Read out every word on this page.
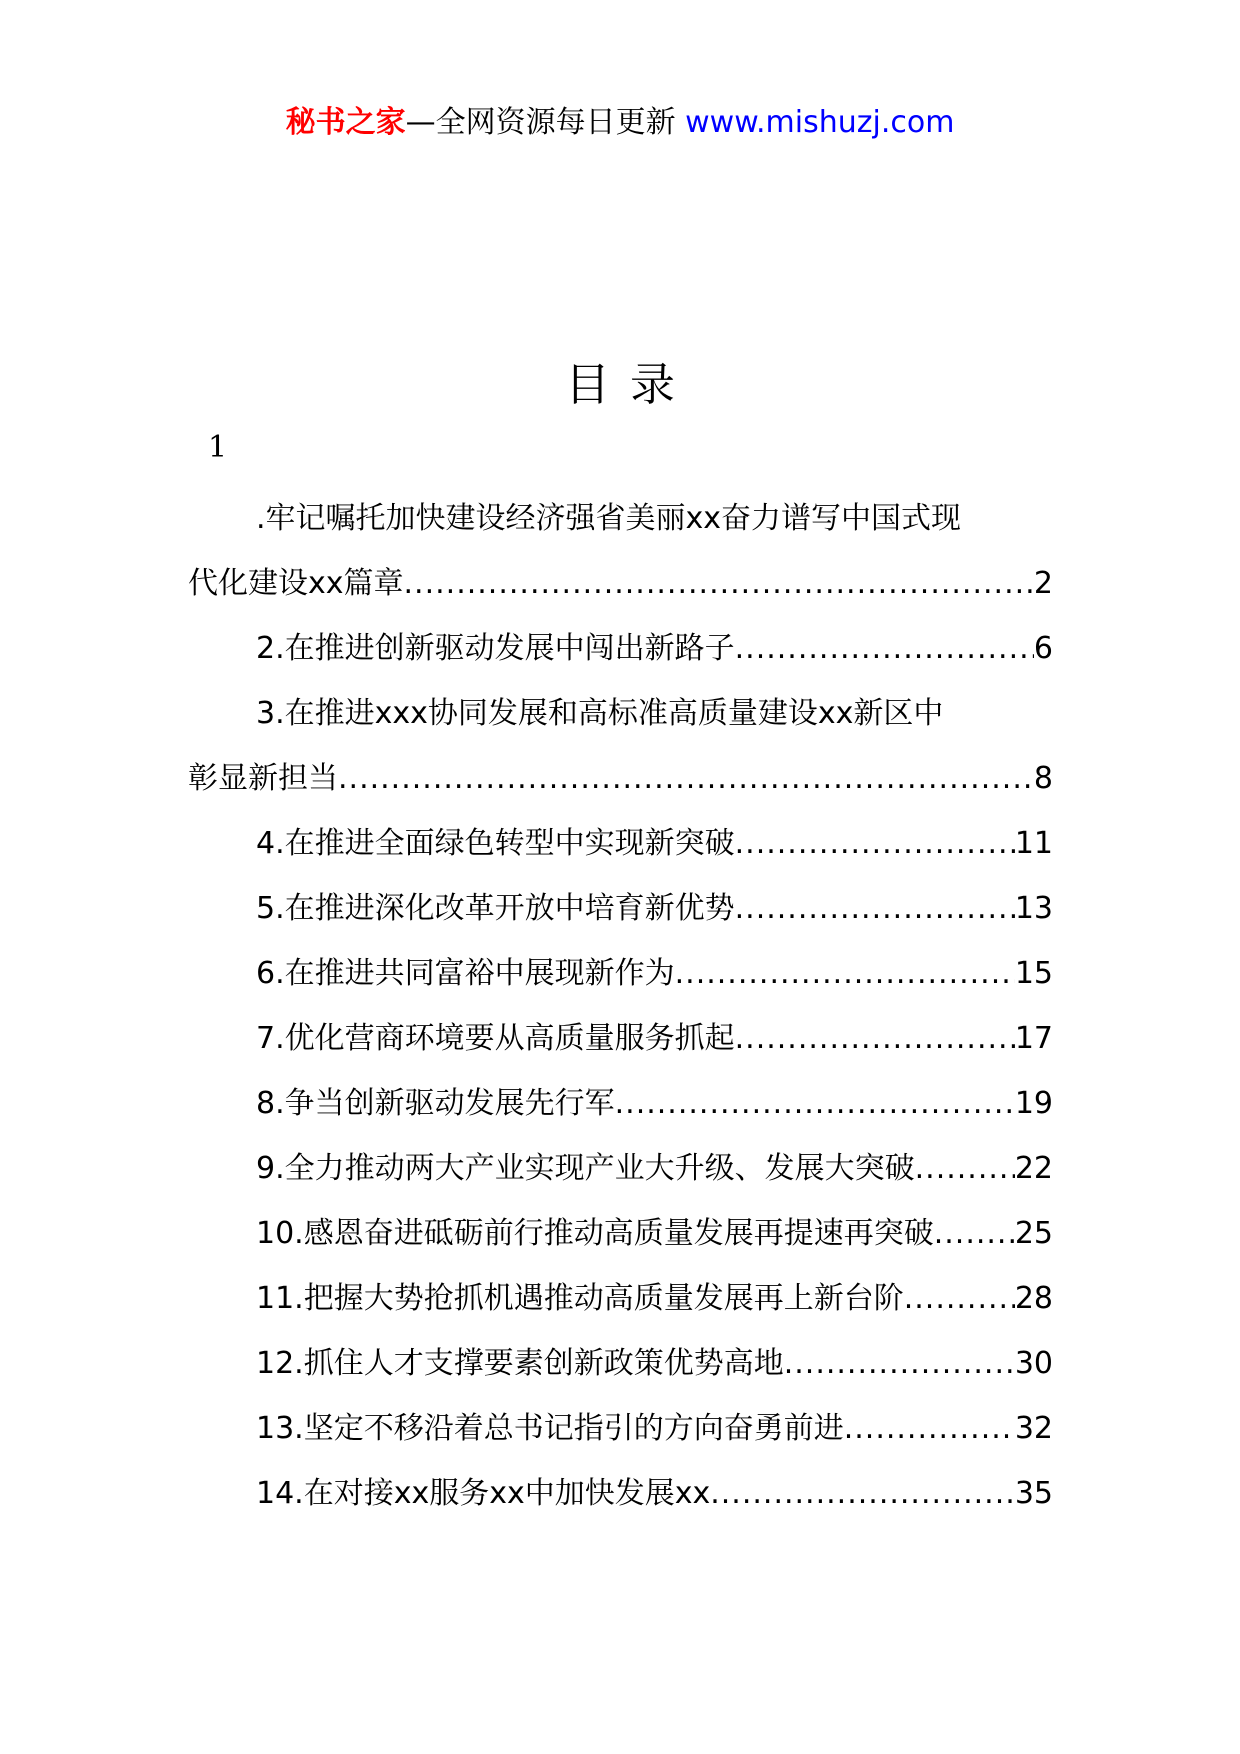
秘书之家—全网资源每日更新 www.mishuzj.com
目录
1
.牢记嘱托加快建设经济强省美丽xx奋力谱写中国式现
代化建设xx篇章 .....	2
2.在推进创新驱动发展中闯出新路子 .....	6
3.在推进xxx协同发展和高标准高质量建设xx新区中
彰显新担当 .....	8
4.在推进全面绿色转型中实现新突破 .....	11
5.在推进深化改革开放中培育新优势 .....	13
6.在推进共同富裕中展现新作为 .....	15
7.优化营商环境要从高质量服务抓起 .....	17
8.争当创新驱动发展先行军 .....	19
9.全力推动两大产业实现产业大升级、发展大突破 .....	22
10.感恩奋进砥砺前行推动高质量发展再提速再突破 .....	25
11.把握大势抢抓机遇推动高质量发展再上新台阶 .....	28
12.抓住人才支撑要素创新政策优势高地 .....	30
13.坚定不移沿着总书记指引的方向奋勇前进 .....	32
14.在对接xx服务xx中加快发展xx .....	35
